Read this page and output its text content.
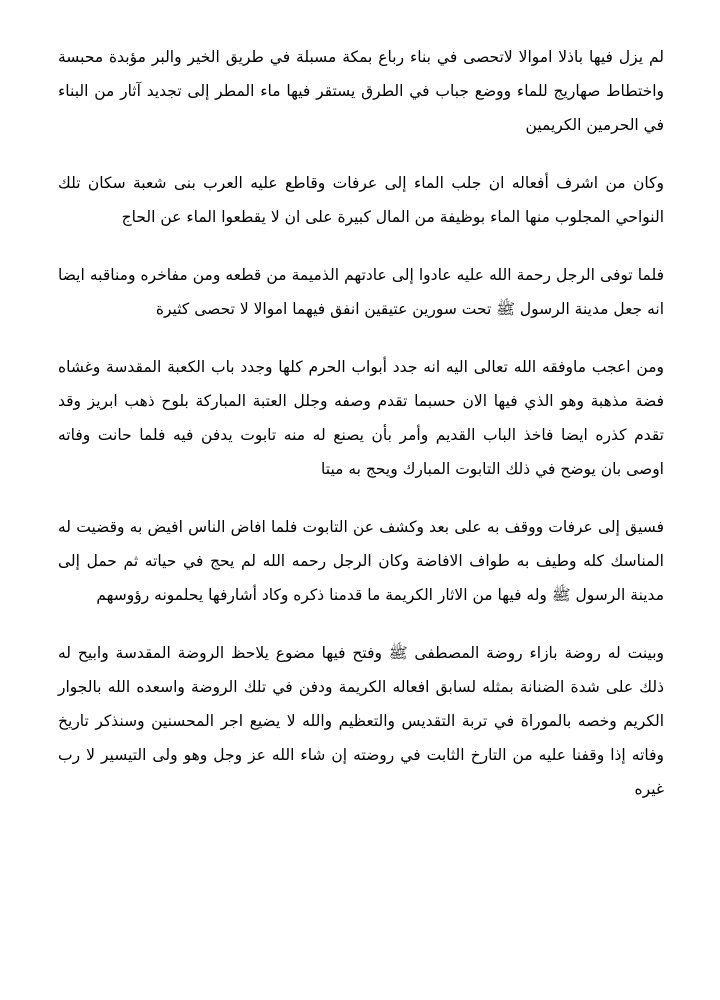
لم يزل فيها باذلا اموالا لاتحصى في بناء رباع بمكة مسبلة في طريق الخير والبر مؤبدة محبسة واختطاط صهاريج للماء ووضع جباب في الطرق يستقر فيها ماء المطر إلى تجديد آثار من البناء في الحرمين الكريمين

وكان من اشرف أفعاله ان جلب الماء إلى عرفات وقاطع عليه العرب بنى شعبة سكان تلك النواحي المجلوب منها الماء بوظيفة من المال كبيرة على ان لا يقطعوا الماء عن الحاج

فلما توفى الرجل رحمة الله عليه عادوا إلى عادتهم الذميمة من قطعه ومن مفاخره ومناقبه ايضا انه جعل مدينة الرسول ﷺ تحت سورين عتيقين انفق فيهما اموالا لا تحصى كثيرة

ومن اعجب ماوفقه الله تعالى اليه انه جدد أبواب الحرم كلها وجدد باب الكعبة المقدسة وغشاه فضة مذهبة وهو الذي فيها الان حسبما تقدم وصفه وجلل العتبة المباركة بلوح ذهب ابريز وقد تقدم كذره ايضا فاخذ الباب القديم وأمر بأن يصنع له منه تابوت يدفن فيه فلما حانت وفاته اوصى بان يوضح في ذلك التابوت المبارك ويحج به ميتا

فسيق إلى عرفات ووقف به على بعد وكشف عن التابوت فلما افاض الناس افيض به وقضيت له المناسك كله وطيف به طواف الافاضة وكان الرجل رحمه الله لم يحج في حياته ثم حمل إلى مدينة الرسول ﷺ وله فيها من الاثار الكريمة ما قدمنا ذكره وكاد أشارفها يحلمونه رؤوسهم

وبينت له روضة بازاء روضة المصطفى ﷺ وفتح فيها مضوع يلاحظ الروضة المقدسة وابيح له ذلك على شدة الضنانة بمثله لسابق افعاله الكريمة ودفن في تلك الروضة واسعده الله بالجوار الكريم وخصه بالموراة في تربة التقديس والتعظيم والله لا يضيع اجر المحسنين وسنذكر تاريخ وفاته إذا وقفنا عليه من التارخ الثابت في روضته إن شاء الله عز وجل وهو ولى التيسير لا رب غيره
